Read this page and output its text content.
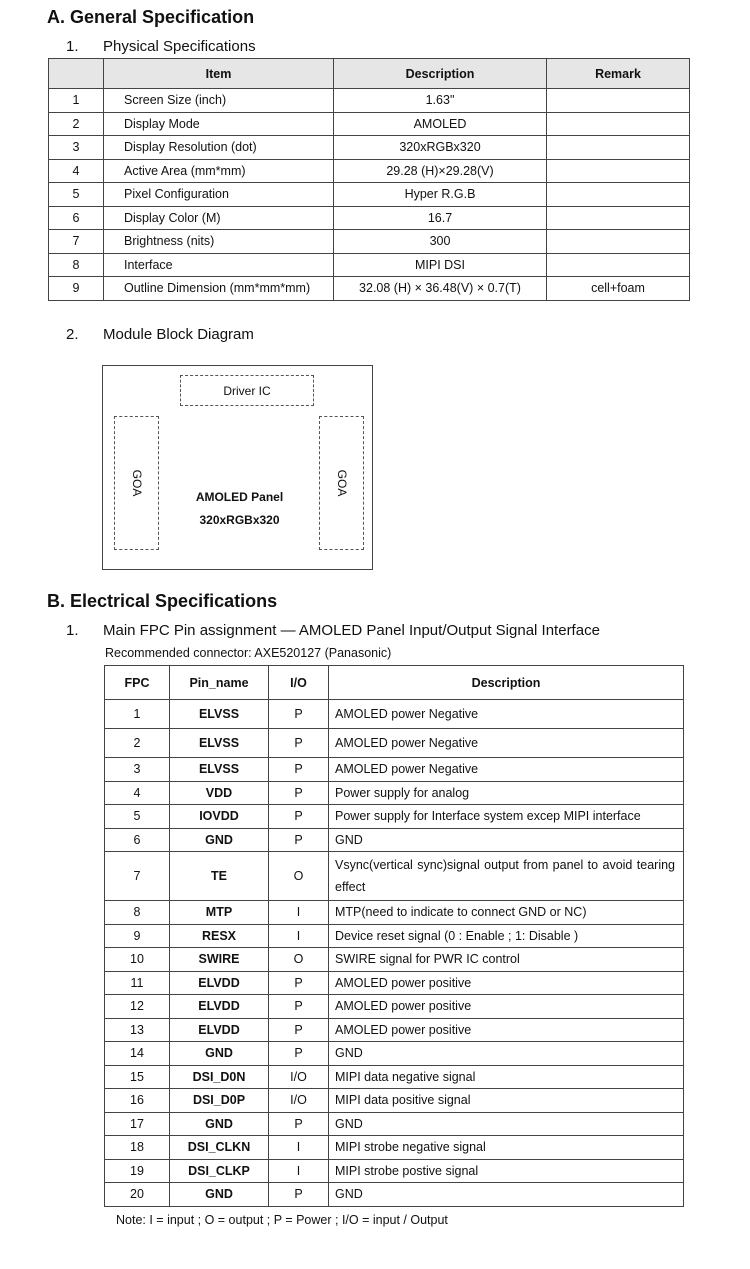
A. General Specification
1. Physical Specifications
	Item	Description	Remark
1	Screen Size (inch)	1.63"	
2	Display Mode	AMOLED	
3	Display Resolution (dot)	320xRGBx320	
4	Active Area (mm*mm)	29.28 (H)×29.28(V)	
5	Pixel Configuration	Hyper R.G.B	
6	Display Color (M)	16.7	
7	Brightness (nits)	300	
8	Interface	MIPI DSI	
9	Outline Dimension (mm*mm*mm)	32.08 (H) × 36.48(V) × 0.7(T)	cell+foam
2. Module Block Diagram
Driver IC
GOA	GOA
AMOLED Panel
320xRGBx320
B. Electrical Specifications
1. Main FPC Pin assignment — AMOLED Panel Input/Output Signal Interface
Recommended connector: AXE520127 (Panasonic)
FPC	Pin_name	I/O	Description
1	ELVSS	P	AMOLED power Negative
2	ELVSS	P	AMOLED power Negative
3	ELVSS	P	AMOLED power Negative
4	VDD	P	Power supply for analog
5	IOVDD	P	Power supply for Interface system excep MIPI interface
6	GND	P	GND
7	TE	O	Vsync(vertical sync)signal output from panel to avoid tearing effect
8	MTP	I	MTP(need to indicate to connect GND or NC)
9	RESX	I	Device reset signal (0 : Enable ; 1: Disable )
10	SWIRE	O	SWIRE signal for PWR IC control
11	ELVDD	P	AMOLED power positive
12	ELVDD	P	AMOLED power positive
13	ELVDD	P	AMOLED power positive
14	GND	P	GND
15	DSI_D0N	I/O	MIPI data negative signal
16	DSI_D0P	I/O	MIPI data positive signal
17	GND	P	GND
18	DSI_CLKN	I	MIPI strobe negative signal
19	DSI_CLKP	I	MIPI strobe postive signal
20	GND	P	GND
Note: I = input ; O = output ; P = Power ; I/O = input / Output
